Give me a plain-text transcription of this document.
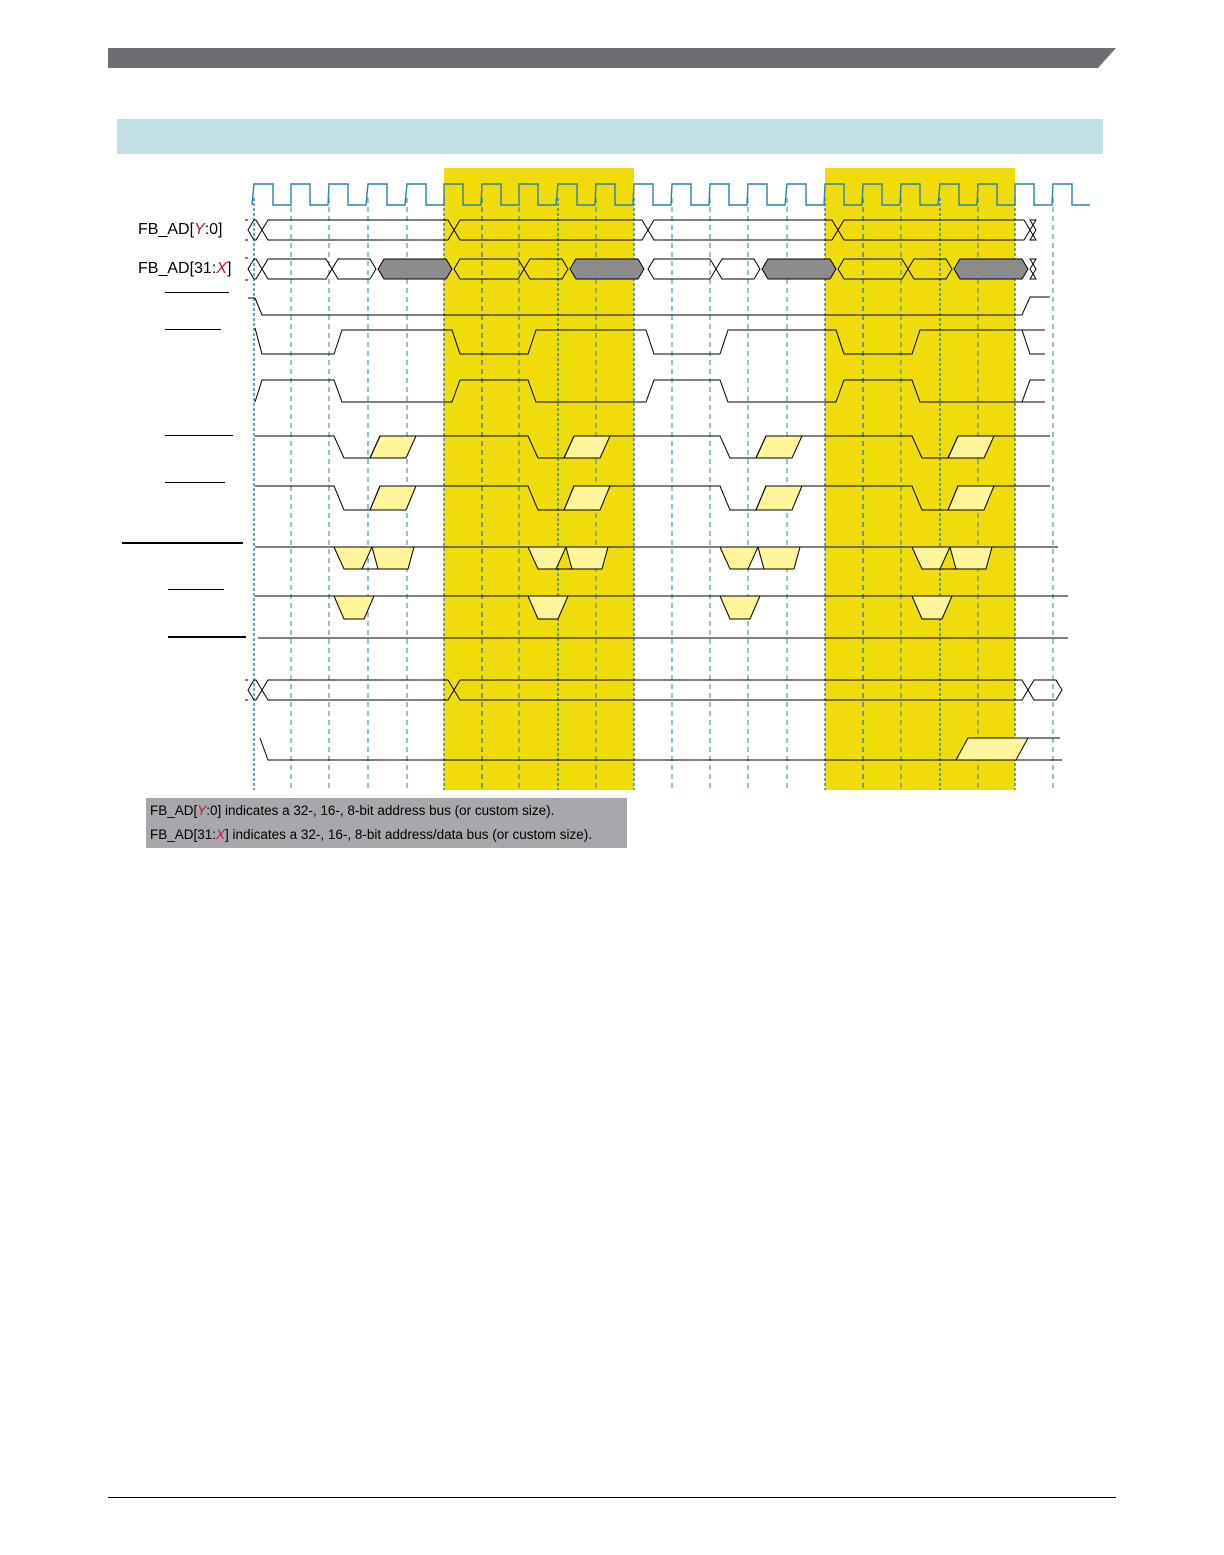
FB_AD[Y:0]
FB_AD[31:X]
FB_AD[Y:0] indicates a 32-, 16-, 8-bit address bus (or custom size).
FB_AD[31:X] indicates a 32-, 16-, 8-bit address/data bus (or custom size).
